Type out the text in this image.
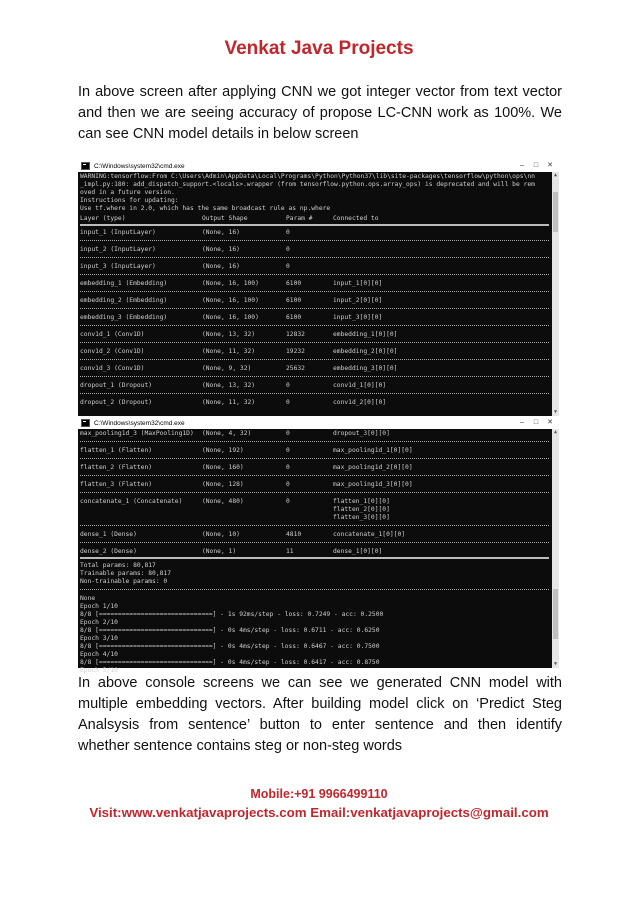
Venkat Java Projects

In above screen after applying CNN we got integer vector from text vector and then we are seeing accuracy of propose LC-CNN work as 100%. We can see CNN model details in below screen

C:\Windows\system32\cmd.exe	–	□	✕
WARNING:tensorflow:From C:\Users\Admin\AppData\Local\Programs\Python\Python37\lib\site-packages\tensorflow\python\ops\nn
_impl.py:180: add_dispatch_support.<locals>.wrapper (from tensorflow.python.ops.array_ops) is deprecated and will be rem
oved in a future version.
Instructions for updating:
Use tf.where in 2.0, which has the same broadcast rule as np.where
Layer (type)	Output Shape	Param #	Connected to
input_1 (InputLayer)	(None, 16)	0
input_2 (InputLayer)	(None, 16)	0
input_3 (InputLayer)	(None, 16)	0
embedding_1 (Embedding)	(None, 16, 100)	6100	input_1[0][0]
embedding_2 (Embedding)	(None, 16, 100)	6100	input_2[0][0]
embedding_3 (Embedding)	(None, 16, 100)	6100	input_3[0][0]
conv1d_1 (Conv1D)	(None, 13, 32)	12832	embedding_1[0][0]
conv1d_2 (Conv1D)	(None, 11, 32)	19232	embedding_2[0][0]
conv1d_3 (Conv1D)	(None, 9, 32)	25632	embedding_3[0][0]
dropout_1 (Dropout)	(None, 13, 32)	0	conv1d_1[0][0]
dropout_2 (Dropout)	(None, 11, 32)	0	conv1d_2[0][0]
▲
▼
C:\Windows\system32\cmd.exe	–	□	✕
max_pooling1d_3 (MaxPooling1D)	(None, 4, 32)	0	dropout_3[0][0]
flatten_1 (Flatten)	(None, 192)	0	max_pooling1d_1[0][0]
flatten_2 (Flatten)	(None, 160)	0	max_pooling1d_2[0][0]
flatten_3 (Flatten)	(None, 128)	0	max_pooling1d_3[0][0]
concatenate_1 (Concatenate)	(None, 480)	0	flatten_1[0][0]
flatten_2[0][0]
flatten_3[0][0]
dense_1 (Dense)	(None, 10)	4810	concatenate_1[0][0]
dense_2 (Dense)	(None, 1)	11	dense_1[0][0]
Total params: 80,817
Trainable params: 80,817
Non-trainable params: 0
None
Epoch 1/10
8/8 [==============================] - 1s 92ms/step - loss: 0.7249 - acc: 0.2500
Epoch 2/10
8/8 [==============================] - 0s 4ms/step - loss: 0.6711 - acc: 0.6250
Epoch 3/10
8/8 [==============================] - 0s 4ms/step - loss: 0.6467 - acc: 0.7500
Epoch 4/10
8/8 [==============================] - 0s 4ms/step - loss: 0.6417 - acc: 0.8750
Epoch 5/10
▲
▼

In above console screens we can see we generated CNN model with multiple embedding vectors. After building model click on ‘Predict Steg Analsysis from sentence’ button to enter sentence and then identify whether sentence contains steg or non-steg words

Mobile:+91 9966499110
Visit:www.venkatjavaprojects.com Email:venkatjavaprojects@gmail.com
